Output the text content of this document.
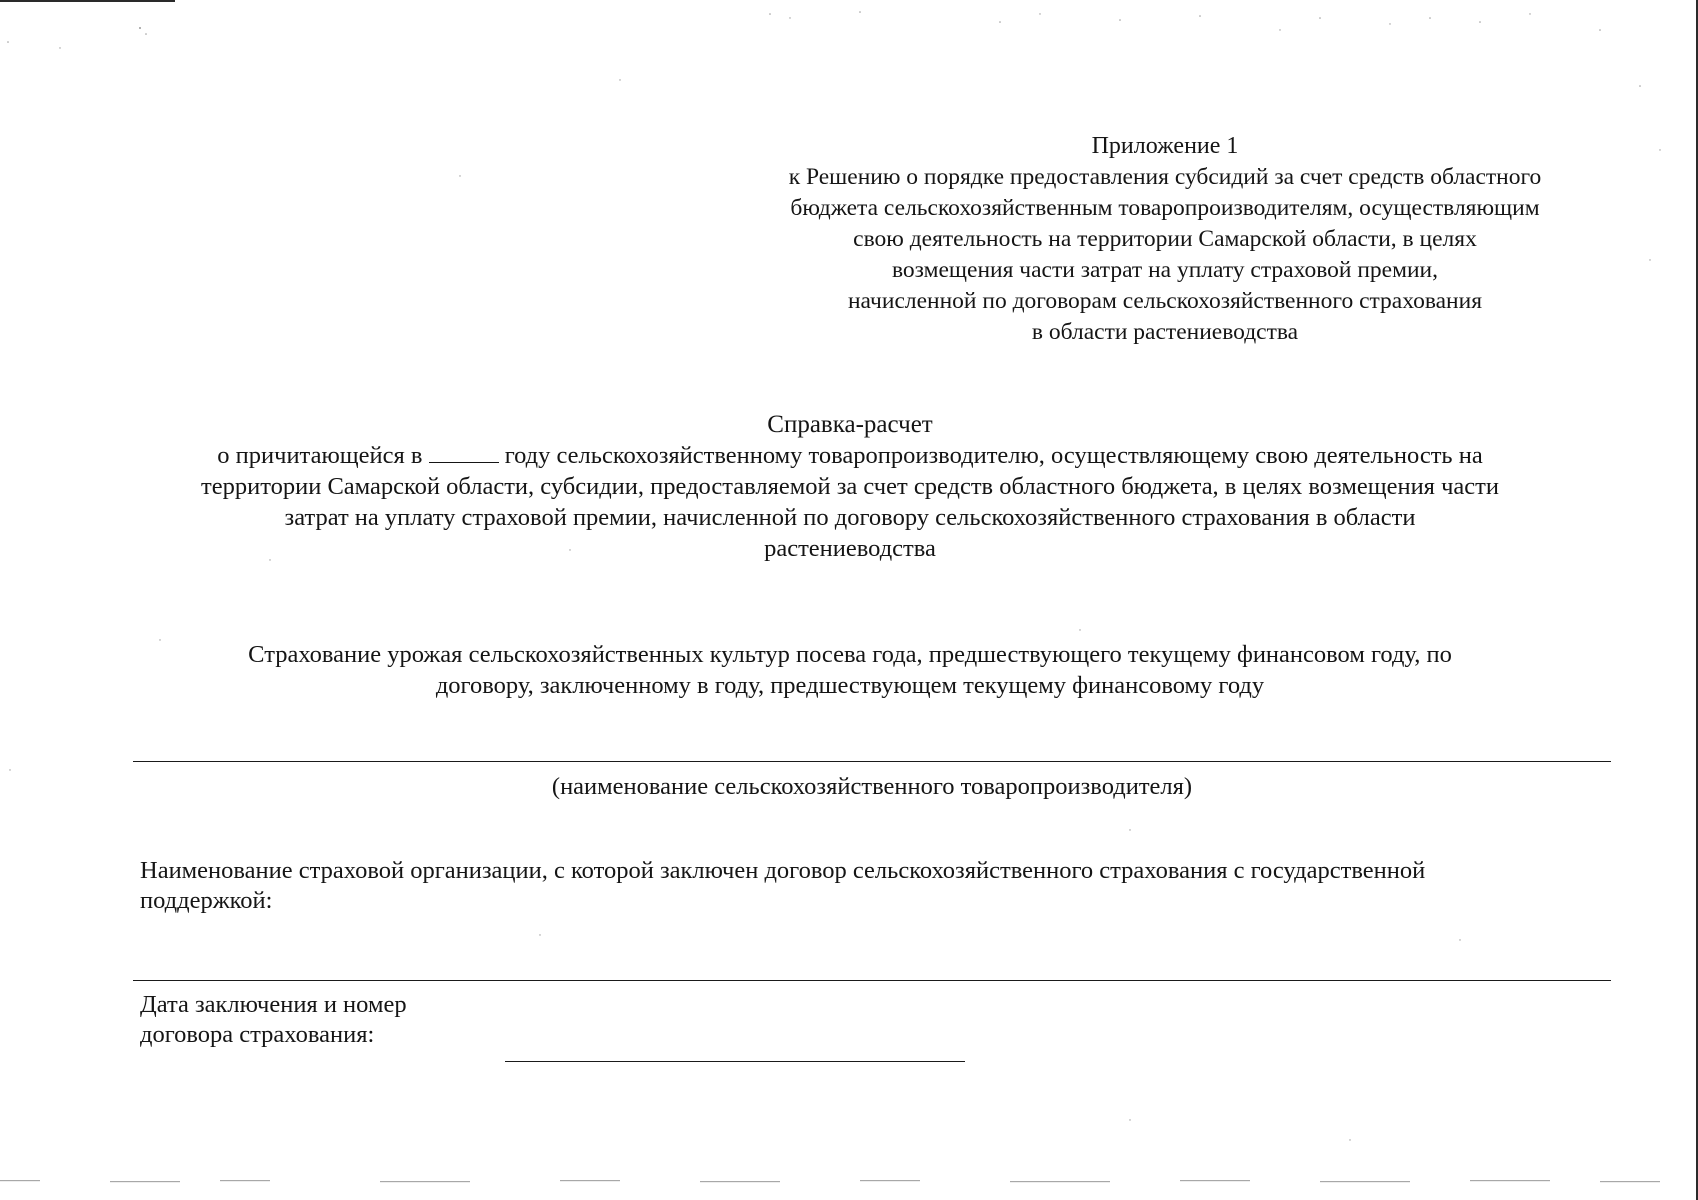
Приложение 1
к Решению о порядке предоставления субсидий за счет средств областного
бюджета сельскохозяйственным товаропроизводителям, осуществляющим
свою деятельность на территории Самарской области, в целях
возмещения части затрат на уплату страховой премии,
начисленной по договорам сельскохозяйственного страхования
в области растениеводства
Справка-расчет
о причитающейся в	году сельскохозяйственному товаропроизводителю, осуществляющему свою деятельность на
территории Самарской области, субсидии, предоставляемой за счет средств областного бюджета, в целях возмещения части
затрат на уплату страховой премии, начисленной по договору сельскохозяйственного страхования в области
растениеводства
Страхование урожая сельскохозяйственных культур посева года, предшествующего текущему финансовом году, по
договору, заключенному в году, предшествующем текущему финансовому году
(наименование сельскохозяйственного товаропроизводителя)
Наименование страховой организации, с которой заключен договор сельскохозяйственного страхования с государственной
поддержкой:
Дата заключения и номер
договора страхования:
